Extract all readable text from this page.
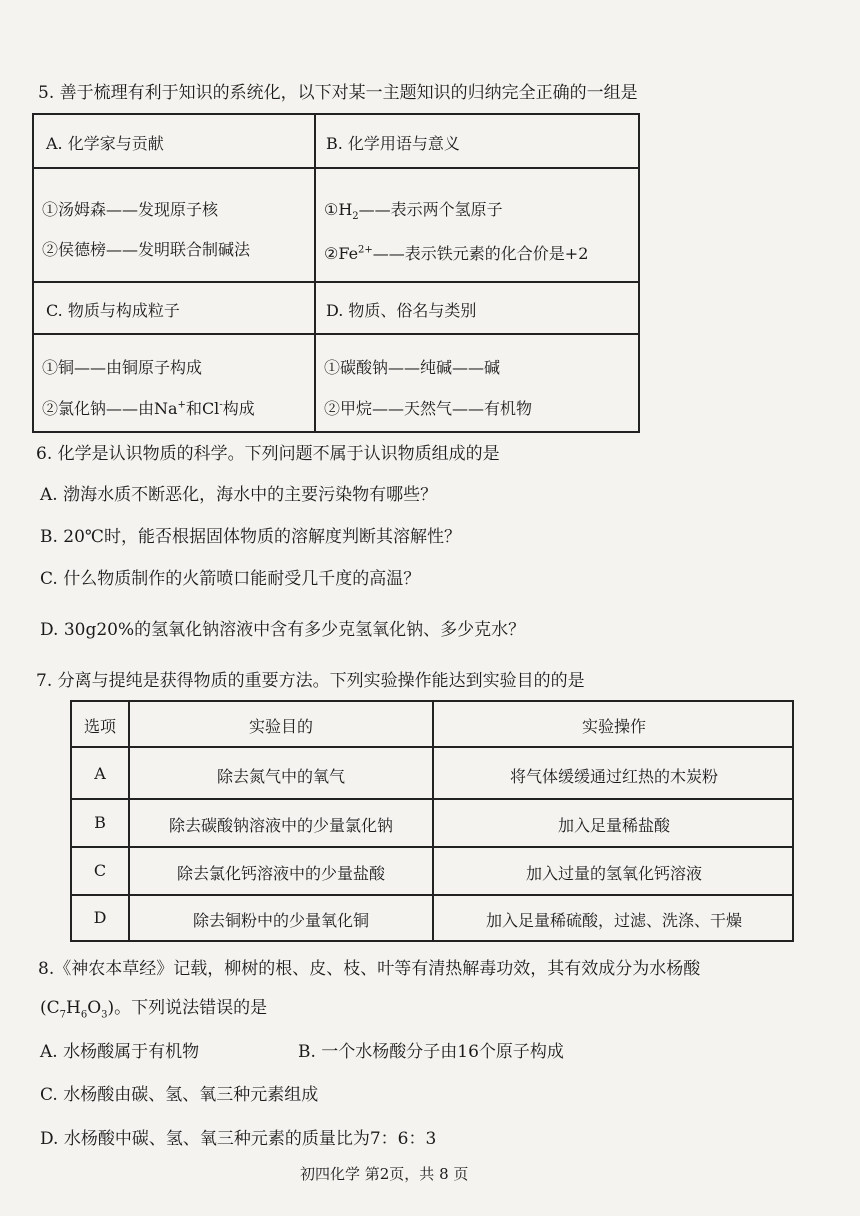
5. 善于梳理有利于知识的系统化，以下对某一主题知识的归纳完全正确的一组是
A. 化学家与贡献
①汤姆森——发现原子核
②侯德榜——发明联合制碱法
B. 化学用语与意义
$①H_2——$表示两个氢原子
$②Fe^{2+}——$表示铁元素的化合价是+2
C. 物质与构成粒子
①铜——由铜原子构成
②氯化钠——由Na+和Cl-构成
D. 物质、俗名与类别
①碳酸钠——纯碱——碱
②甲烷——天然气——有机物
6. 化学是认识物质的科学。下列问题不属于认识物质组成的是
A. 渤海水质不断恶化，海水中的主要污染物有哪些？
B. 20℃时，能否根据固体物质的溶解度判断其溶解性？
C. 什么物质制作的火箭喷口能耐受几千度的高温？
D. 30g20%的氢氧化钠溶液中含有多少克氢氧化钠、多少克水？
7. 分离与提纯是获得物质的重要方法。下列实验操作能达到实验目的的是
选项	实验目的	实验操作
A	除去氮气中的氧气	将气体缓缓通过红热的木炭粉
B	除去碳酸钠溶液中的少量氯化钠	加入足量稀盐酸
C	除去氯化钙溶液中的少量盐酸	加入过量的氢氧化钙溶液
D	除去铜粉中的少量氧化铜	加入足量稀硫酸，过滤、洗涤、干燥
8.《神农本草经》记载，柳树的根、皮、枝、叶等有清热解毒功效，其有效成分为水杨酸
$(C_7H_6O_3)$。下列说法错误的是
A. 水杨酸属于有机物	B. 一个水杨酸分子由16个原子构成
C. 水杨酸由碳、氢、氧三种元素组成
D. 水杨酸中碳、氢、氧三种元素的质量比为7：6：3
初四化学 第2页，共 8 页
